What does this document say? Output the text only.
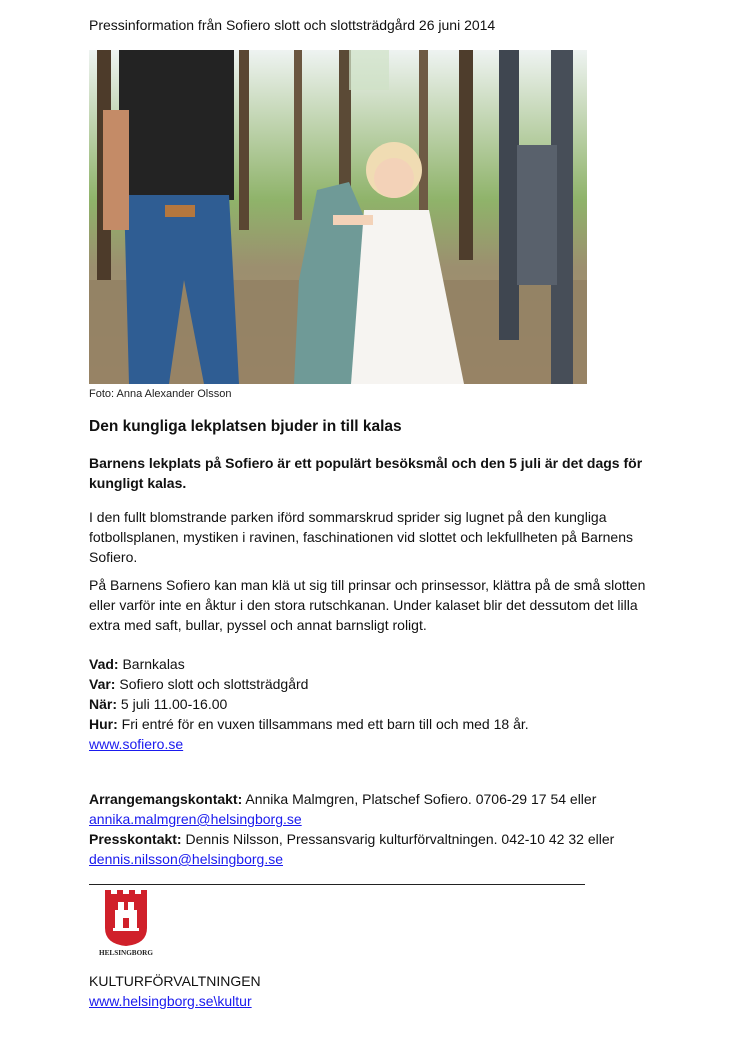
Pressinformation från Sofiero slott och slottsträdgård 26 juni 2014
Foto: Anna Alexander Olsson
Den kungliga lekplatsen bjuder in till kalas
Barnens lekplats på Sofiero är ett populärt besöksmål och den 5 juli är det dags för kungligt kalas.
I den fullt blomstrande parken iförd sommarskrud sprider sig lugnet på den kungliga fotbollsplanen, mystiken i ravinen, faschinationen vid slottet och lekfullheten på Barnens Sofiero.
På Barnens Sofiero kan man klä ut sig till prinsar och prinsessor, klättra på de små slotten eller varför inte en åktur i den stora rutschkanan. Under kalaset blir det dessutom det lilla extra med saft, bullar, pyssel och annat barnsligt roligt.
Vad: Barnkalas
Var: Sofiero slott och slottsträdgård
När: 5 juli 11.00-16.00
Hur: Fri entré för en vuxen tillsammans med ett barn till och med 18 år.
www.sofiero.se
Arrangemangskontakt: Annika Malmgren, Platschef Sofiero. 0706-29 17 54 eller
annika.malmgren@helsingborg.se
Presskontakt: Dennis Nilsson, Pressansvarig kulturförvaltningen. 042-10 42 32 eller
dennis.nilsson@helsingborg.se
HELSINGBORG
KULTURFÖRVALTNINGEN
www.helsingborg.se\kultur
